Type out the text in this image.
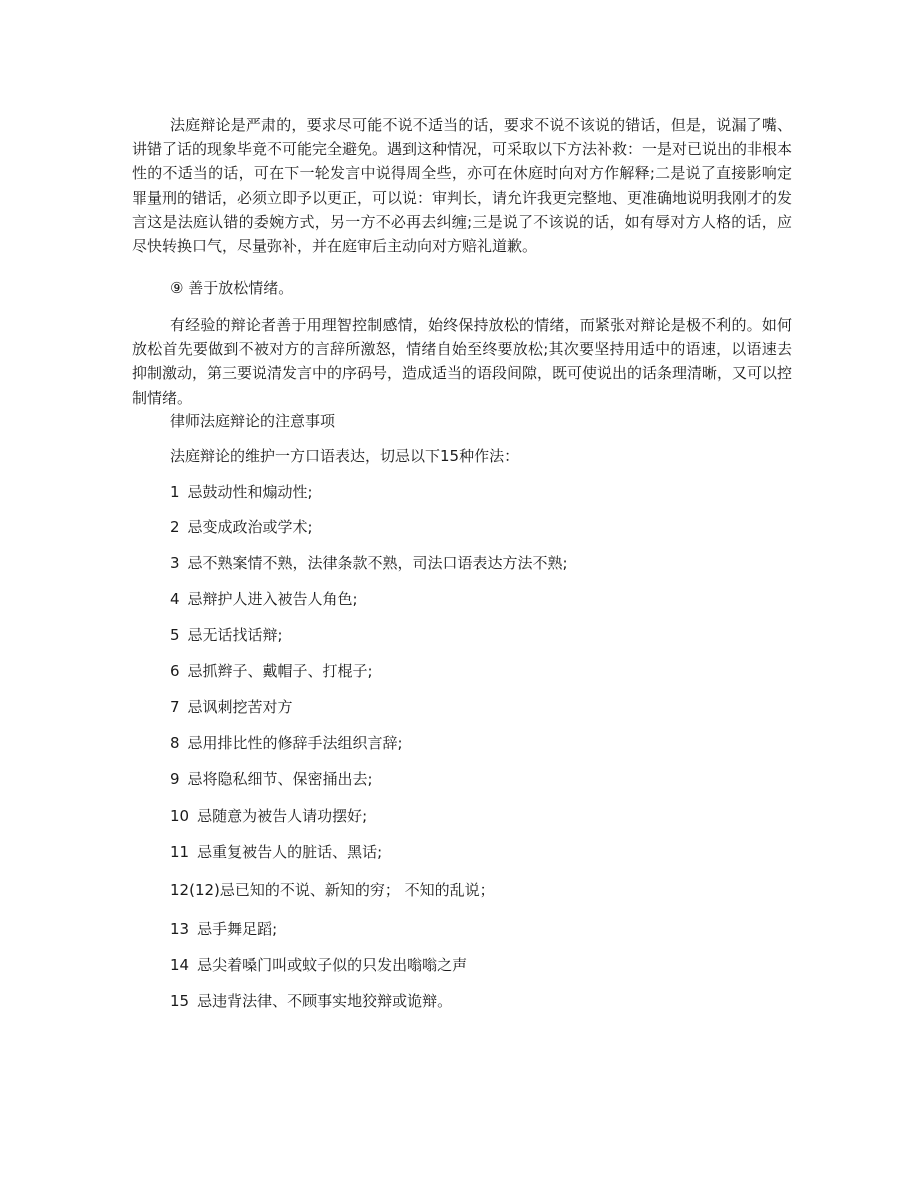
法庭辩论是严肃的，要求尽可能不说不适当的话，要求不说不该说的错话，但是，说漏了嘴、讲错了话的现象毕竟不可能完全避免。遇到这种情况，可采取以下方法补救：一是对已说出的非根本性的不适当的话，可在下一轮发言中说得周全些，亦可在休庭时向对方作解释;二是说了直接影响定罪量刑的错话，必须立即予以更正，可以说：审判长，请允许我更完整地、更准确地说明我刚才的发言这是法庭认错的委婉方式，另一方不必再去纠缠;三是说了不该说的话，如有辱对方人格的话，应尽快转换口气，尽量弥补，并在庭审后主动向对方赔礼道歉。

⑨ 善于放松情绪。

有经验的辩论者善于用理智控制感情，始终保持放松的情绪，而紧张对辩论是极不利的。如何放松首先要做到不被对方的言辞所激怒，情绪自始至终要放松;其次要坚持用适中的语速，以语速去抑制激动，第三要说清发言中的序码号，造成适当的语段间隙，既可使说出的话条理清晰，又可以控制情绪。

律师法庭辩论的注意事项

法庭辩论的维护一方口语表达，切忌以下15种作法：

1 忌鼓动性和煽动性;

2 忌变成政治或学术;

3 忌不熟案情不熟，法律条款不熟，司法口语表达方法不熟;

4 忌辩护人进入被告人角色;

5 忌无话找话辩;

6 忌抓辫子、戴帽子、打棍子;

7 忌讽刺挖苦对方

8 忌用排比性的修辞手法组织言辞;

9 忌将隐私细节、保密捅出去;

10 忌随意为被告人请功摆好;

11 忌重复被告人的脏话、黑话;

12(12)忌已知的不说、新知的穷； 不知的乱说；

13 忌手舞足蹈;

14 忌尖着嗓门叫或蚊子似的只发出嗡嗡之声

15 忌违背法律、不顾事实地狡辩或诡辩。
